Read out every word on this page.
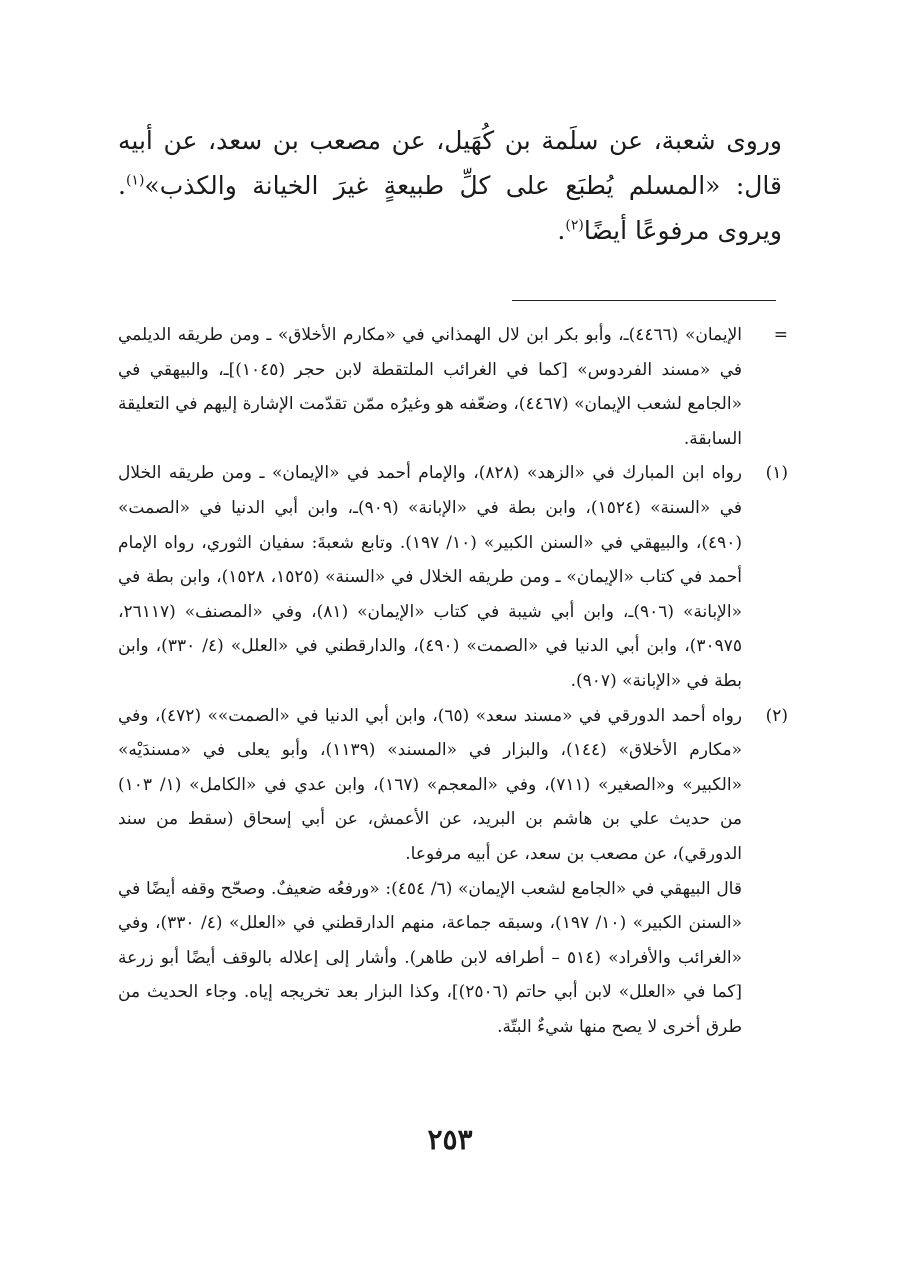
وروى شعبة، عن سلَمة بن كُهَيل، عن مصعب بن سعد، عن أبيه قال: «المسلم يُطبَع على كلِّ طبيعةٍ غيرَ الخيانة والكذب»$^{(١)}$. ويروى مرفوعًا أيضًا$^{(٢)}$.

=
الإيمان» (٤٤٦٦)ـ، وأبو بكر ابن لال الهمذاني في «مكارم الأخلاق» ـ ومن طريقه الديلمي في «مسند الفردوس» [كما في الغرائب الملتقطة لابن حجر (١٠٤٥)]ـ، والبيهقي في «الجامع لشعب الإيمان» (٤٤٦٧)، وضعّفه هو وغيرُه ممّن تقدّمت الإشارة إليهم في التعليقة السابقة.
(١)
رواه ابن المبارك في «الزهد» (٨٢٨)، والإمام أحمد في «الإيمان» ـ ومن طريقه الخلال في «السنة» (١٥٢٤)، وابن بطة في «الإبانة» (٩٠٩)ـ، وابن أبي الدنيا في «الصمت» (٤٩٠)، والبيهقي في «السنن الكبير» (١٠/ ١٩٧). وتابع شعبةَ: سفيان الثوري، رواه الإمام أحمد في كتاب «الإيمان» ـ ومن طريقه الخلال في «السنة» (١٥٢٥، ١٥٢٨)، وابن بطة في «الإبانة» (٩٠٦)ـ، وابن أبي شيبة في كتاب «الإيمان» (٨١)، وفي «المصنف» (٢٦١١٧، ٣٠٩٧٥)، وابن أبي الدنيا في «الصمت» (٤٩٠)، والدارقطني في «العلل» (٤/ ٣٣٠)، وابن بطة في «الإبانة» (٩٠٧).
(٢)
رواه أحمد الدورقي في «مسند سعد» (٦٥)، وابن أبي الدنيا في «الصمت»» (٤٧٢)، وفي «مكارم الأخلاق» (١٤٤)، والبزار في «المسند» (١١٣٩)، وأبو يعلى في «مسندَيْه» «الكبير» و«الصغير» (٧١١)، وفي «المعجم» (١٦٧)، وابن عدي في «الكامل» (١/ ١٠٣) من حديث علي بن هاشم بن البريد، عن الأعمش، عن أبي إسحاق (سقط من سند الدورقي)، عن مصعب بن سعد، عن أبيه مرفوعا.

قال البيهقي في «الجامع لشعب الإيمان» (٦/ ٤٥٤): «ورفعُه ضعيفٌ. وصحّح وقفه أيضًا في «السنن الكبير» (١٠/ ١٩٧)، وسبقه جماعة، منهم الدارقطني في «العلل» (٤/ ٣٣٠)، وفي «الغرائب والأفراد» (٥١٤ – أطرافه لابن طاهر). وأشار إلى إعلاله بالوقف أيضًا أبو زرعة [كما في «العلل» لابن أبي حاتم (٢٥٠٦)]، وكذا البزار بعد تخريجه إياه. وجاء الحديث من طرق أخرى لا يصح منها شيءٌ البتّة.

٢٥٣
